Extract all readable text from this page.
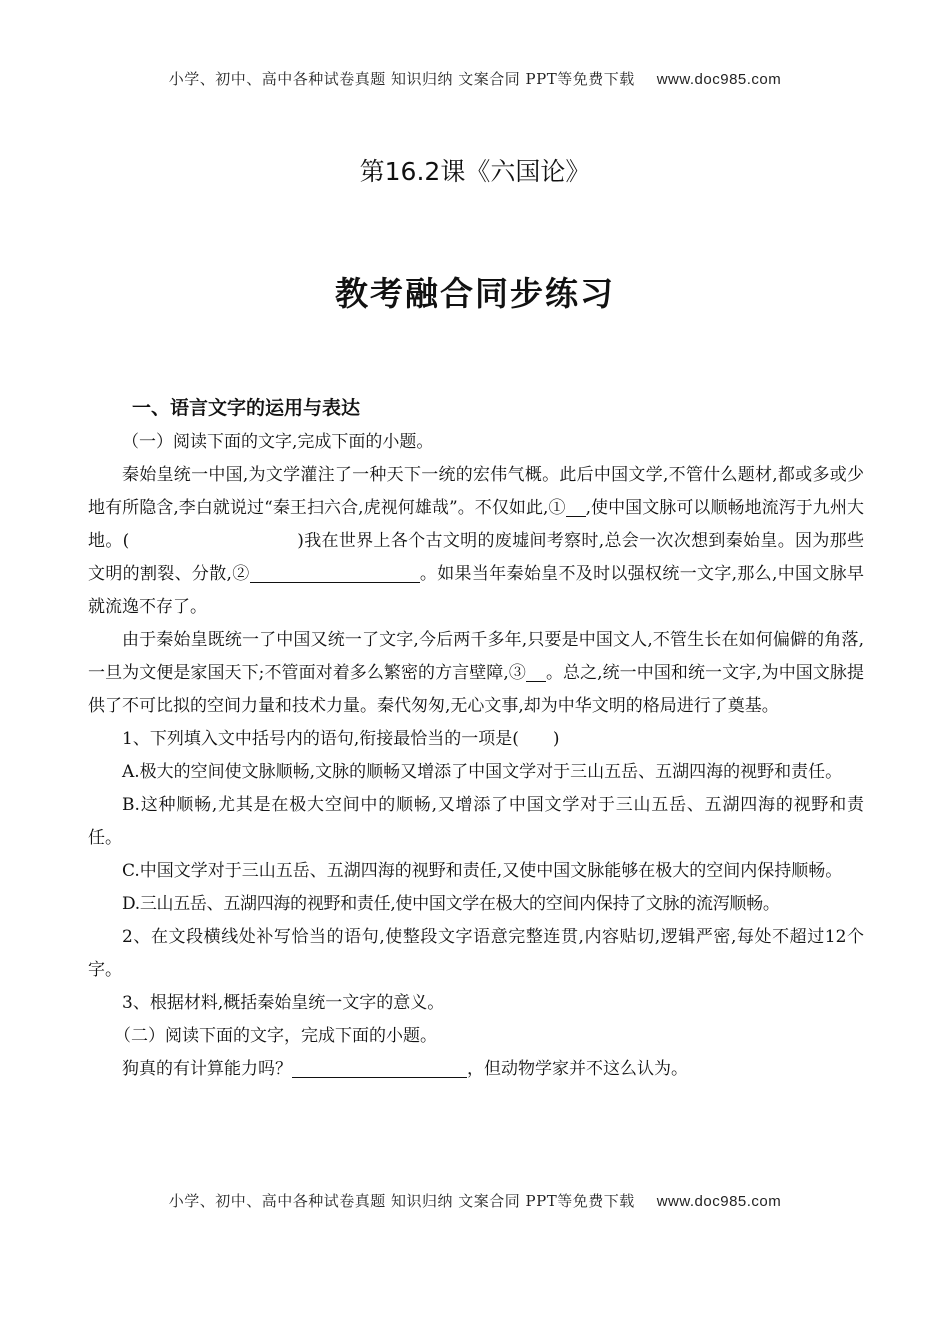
小学、初中、高中各种试卷真题 知识归纳 文案合同 PPT等免费下载 www.doc985.com
第16.2课《六国论》
教考融合同步练习
一、语言文字的运用与表达

（一）阅读下面的文字,完成下面的小题。

秦始皇统一中国,为文学灌注了一种天下一统的宏伟气概。此后中国文学,不管什么题材,都或多或少地有所隐含,李白就说过“秦王扫六合,虎视何雄哉”。不仅如此,① ,使中国文脉可以顺畅地流泻于九州大地。(	)我在世界上各个古文明的废墟间考察时,总会一次次想到秦始皇。因为那些文明的割裂、分散,②	。如果当年秦始皇不及时以强权统一文字,那么,中国文脉早就流逸不存了。

由于秦始皇既统一了中国又统一了文字,今后两千多年,只要是中国文人,不管生长在如何偏僻的角落,一旦为文便是家国天下;不管面对着多么繁密的方言壁障,③ 。总之,统一中国和统一文字,为中国文脉提供了不可比拟的空间力量和技术力量。秦代匆匆,无心文事,却为中华文明的格局进行了奠基。

1、下列填入文中括号内的语句,衔接最恰当的一项是(　　)

A.极大的空间使文脉顺畅,文脉的顺畅又增添了中国文学对于三山五岳、五湖四海的视野和责任。

B.这种顺畅,尤其是在极大空间中的顺畅,又增添了中国文学对于三山五岳、五湖四海的视野和责任。

C.中国文学对于三山五岳、五湖四海的视野和责任,又使中国文脉能够在极大的空间内保持顺畅。

D.三山五岳、五湖四海的视野和责任,使中国文学在极大的空间内保持了文脉的流泻顺畅。

2、在文段横线处补写恰当的语句,使整段文字语意完整连贯,内容贴切,逻辑严密,每处不超过12个字。

3、根据材料,概括秦始皇统一文字的意义。

（二）阅读下面的文字，完成下面的小题。

狗真的有计算能力吗？	，但动物学家并不这么认为。

小学、初中、高中各种试卷真题 知识归纳 文案合同 PPT等免费下载 www.doc985.com
